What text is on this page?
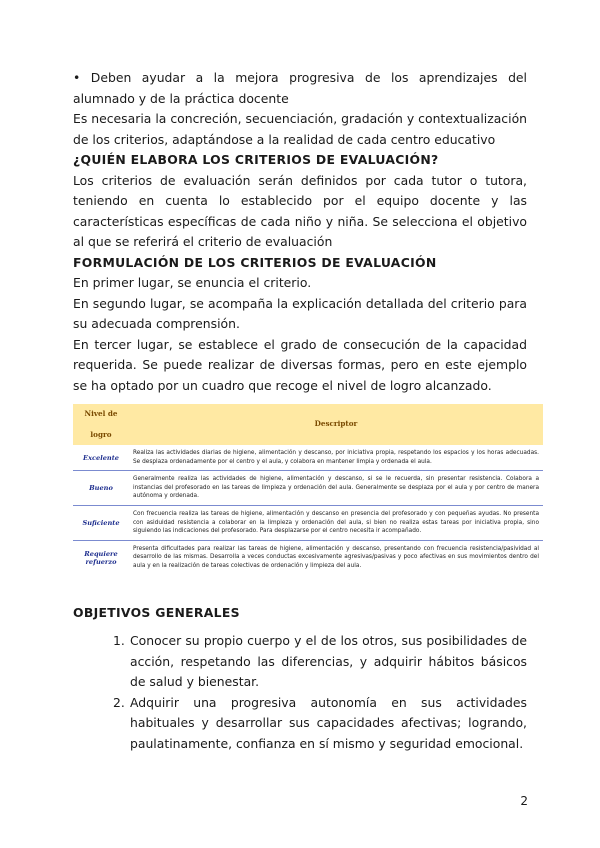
• Deben ayudar a la mejora progresiva de los aprendizajes del alumnado y de la práctica docente

Es necesaria la concreción, secuenciación, gradación y contextualización de los criterios, adaptándose a la realidad de cada centro educativo

¿QUIÉN ELABORA LOS CRITERIOS DE EVALUACIÓN?

Los criterios de evaluación serán definidos por cada tutor o tutora, teniendo en cuenta lo establecido por el equipo docente y las características específicas de cada niño y niña. Se selecciona el objetivo al que se referirá el criterio de evaluación

FORMULACIÓN DE LOS CRITERIOS DE EVALUACIÓN

En primer lugar, se enuncia el criterio.

En segundo lugar, se acompaña la explicación detallada del criterio para su adecuada comprensión.

En tercer lugar, se establece el grado de consecución de la capacidad requerida. Se puede realizar de diversas formas, pero en este ejemplo se ha optado por un cuadro que recoge el nivel de logro alcanzado.

Nivel de logro	Descriptor
Excelente	Realiza las actividades diarias de higiene, alimentación y descanso, por iniciativa propia, respetando los espacios y los horas adecuadas. Se desplaza ordenadamente por el centro y el aula, y colabora en mantener limpia y ordenada el aula.
Bueno	Generalmente realiza las actividades de higiene, alimentación y descanso, si se le recuerda, sin presentar resistencia. Colabora a instancias del profesorado en las tareas de limpieza y ordenación del aula. Generalmente se desplaza por el aula y por centro de manera autónoma y ordenada.
Suficiente	Con frecuencia realiza las tareas de higiene, alimentación y descanso en presencia del profesorado y con pequeñas ayudas. No presenta con asiduidad resistencia a colaborar en la limpieza y ordenación del aula, si bien no realiza estas tareas por iniciativa propia, sino siguiendo las indicaciones del profesorado. Para desplazarse por el centro necesita ir acompañado.
Requiere refuerzo	Presenta dificultades para realizar las tareas de higiene, alimentación y descanso, presentando con frecuencia resistencia/pasividad al desarrollo de las mismas. Desarrolla a veces conductas excesivamente agresivas/pasivas y poco afectivas en sus movimientos dentro del aula y en la realización de tareas colectivas de ordenación y limpieza del aula.

OBJETIVOS GENERALES

1. Conocer su propio cuerpo y el de los otros, sus posibilidades de acción, respetando las diferencias, y adquirir hábitos básicos de salud y bienestar.
2. Adquirir una progresiva autonomía en sus actividades habituales y desarrollar sus capacidades afectivas; logrando, paulatinamente, confianza en sí mismo y seguridad emocional.
2
